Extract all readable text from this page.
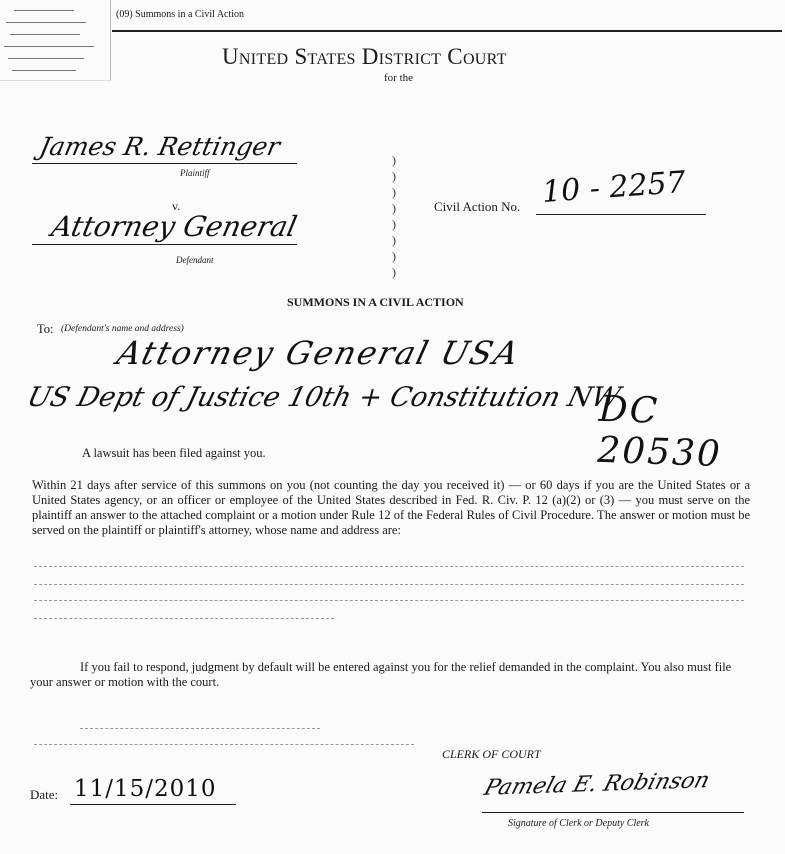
(09) Summons in a Civil Action
United States District Court
for the
James R. Rettinger
Plaintiff
v.
Attorney General
Defendant
)
)
)
)
)
)
)
)
Civil Action No. 10 - 2257
SUMMONS IN A CIVIL ACTION
To: (Defendant's name and address)
Attorney General USA
US Dept of Justice 10th + Constitution NW
DC 20530
A lawsuit has been filed against you.
Within 21 days after service of this summons on you (not counting the day you received it) — or 60 days if you are the United States or a United States agency, or an officer or employee of the United States described in Fed. R. Civ. P. 12 (a)(2) or (3) — you must serve on the plaintiff an answer to the attached complaint or a motion under Rule 12 of the Federal Rules of Civil Procedure. The answer or motion must be served on the plaintiff or plaintiff's attorney, whose name and address are:
If you fail to respond, judgment by default will be entered against you for the relief demanded in the complaint. You also must file your answer or motion with the court.
CLERK OF COURT
Date: 11/15/2010	Pamela E. Robinson
Signature of Clerk or Deputy Clerk
